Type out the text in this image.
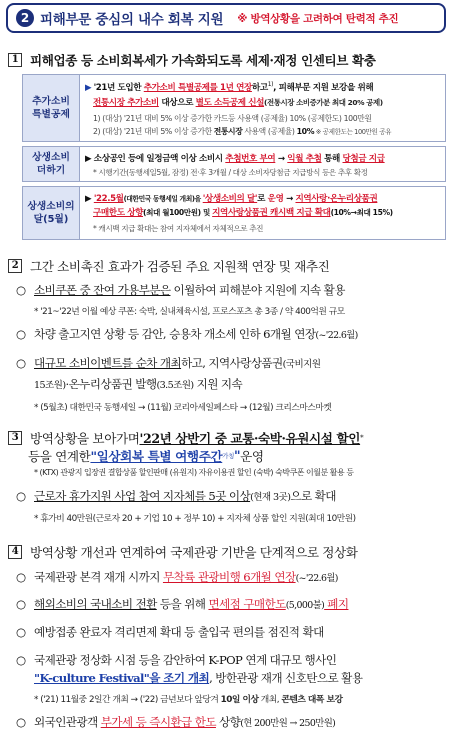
2 피해부문 중심의 내수 회복 지원 ※ 방역상황을 고려하여 탄력적 추진
1 피해업종 등 소비회복세가 가속화되도록 세제·재정 인센티브 확충
추가소비
특별공제
▶ '21년 도입한 추가소비 특별공제를 1년 연장하고$^{1)}$, 피해부문 지원 보강을 위해
전통시장 추가소비 대상으로 별도 소득공제 신설(전통시장 소비증가분 최대 20% 공제)
1) (대상) '21년 대비 5% 이상 증가한 카드등 사용액 (공제율) 10% (공제한도) 100만원
2) (대상) '21년 대비 5% 이상 증가한 전통시장 사용액 (공제율) 10% ※ 공제한도는 100만원 공유
상생소비
더하기
▶ 소상공인 등에 일정금액 이상 소비시 추첨번호 부여 → 익월 추첨 통해 당첨금 지급
* 시행기간(동행세일5월, 잠정) 전·후 3개월 / 대상 소비자당첨금 지급방식 등은 추후 확정
상생소비의
달(5월)
▶ '22.5월(대한민국 동행세일 개최)을 '상생소비의 달'로 운영 → 지역사랑·온누리상품권
구매한도 상향(최대 월100만원) 및 지역사랑상품권 캐시백 지급 확대(10%→최대 15%)
* 캐시백 지급 확대는 참여 지자체에서 자체적으로 추진
2 그간 소비촉진 효과가 검증된 주요 지원책 연장 및 재추진
○ 소비쿠폰 중 잔여 가용부분은 이월하여 피해분야 지원에 지속 활용
* '21~'22년 이월 예상 쿠폰: 숙박, 실내체육시설, 프로스포츠 총 3종 / 약 400억원 규모
○ 차량 출고지연 상황 등 감안, 승용차 개소세 인하 6개월 연장(~'22.6월)
○ 대규모 소비이벤트를 순차 개최하고, 지역사랑상품권(국비지원
15조원)·온누리상품권 발행(3.5조원) 지원 지속
* (5월초) 대한민국 동행세일 → (11월) 코리아세일페스타 → (12월) 크리스마스마켓
3 방역상황을 보아가며 '22년 상반기 중 교통·숙박·유원시설 할인 *
등을 연계한 "일상회복 특별 여행주간 가칭 " 운영
* (KTX) 관광지 입장권 결합상품 할인판매 (유원지) 자유이용권 할인 (숙박) 숙박쿠폰 이월분 활용 등
○ 근로자 휴가지원 사업 참여 지자체를 5곳 이상(현재 3곳)으로 확대
* 휴가비 40만원(근로자 20 + 기업 10 + 정부 10) + 지자체 상품 할인 지원(최대 10만원)
4 방역상황 개선과 연계하여 국제관광 기반을 단계적으로 정상화
○ 국제관광 본격 재개 시까지 무착륙 관광비행 6개월 연장(~'22.6월)
○ 해외소비의 국내소비 전환 등을 위해 면세점 구매한도(5,000불) 폐지
○ 예방접종 완료자 격리면제 확대 등 출입국 편의를 점진적 확대
○ 국제관광 정상화 시점 등을 감안하여 K-POP 연계 대규모 행사인
"K-culture Festival"을 조기 개최, 방한관광 재개 신호탄으로 활용
* ('21) 11월중 2일간 개최 → ('22) 금년보다 앞당겨 10일 이상 개최, 콘텐츠 대폭 보강
○ 외국인관광객 부가세 등 즉시환급 한도 상향(현 200만원 → 250만원)
